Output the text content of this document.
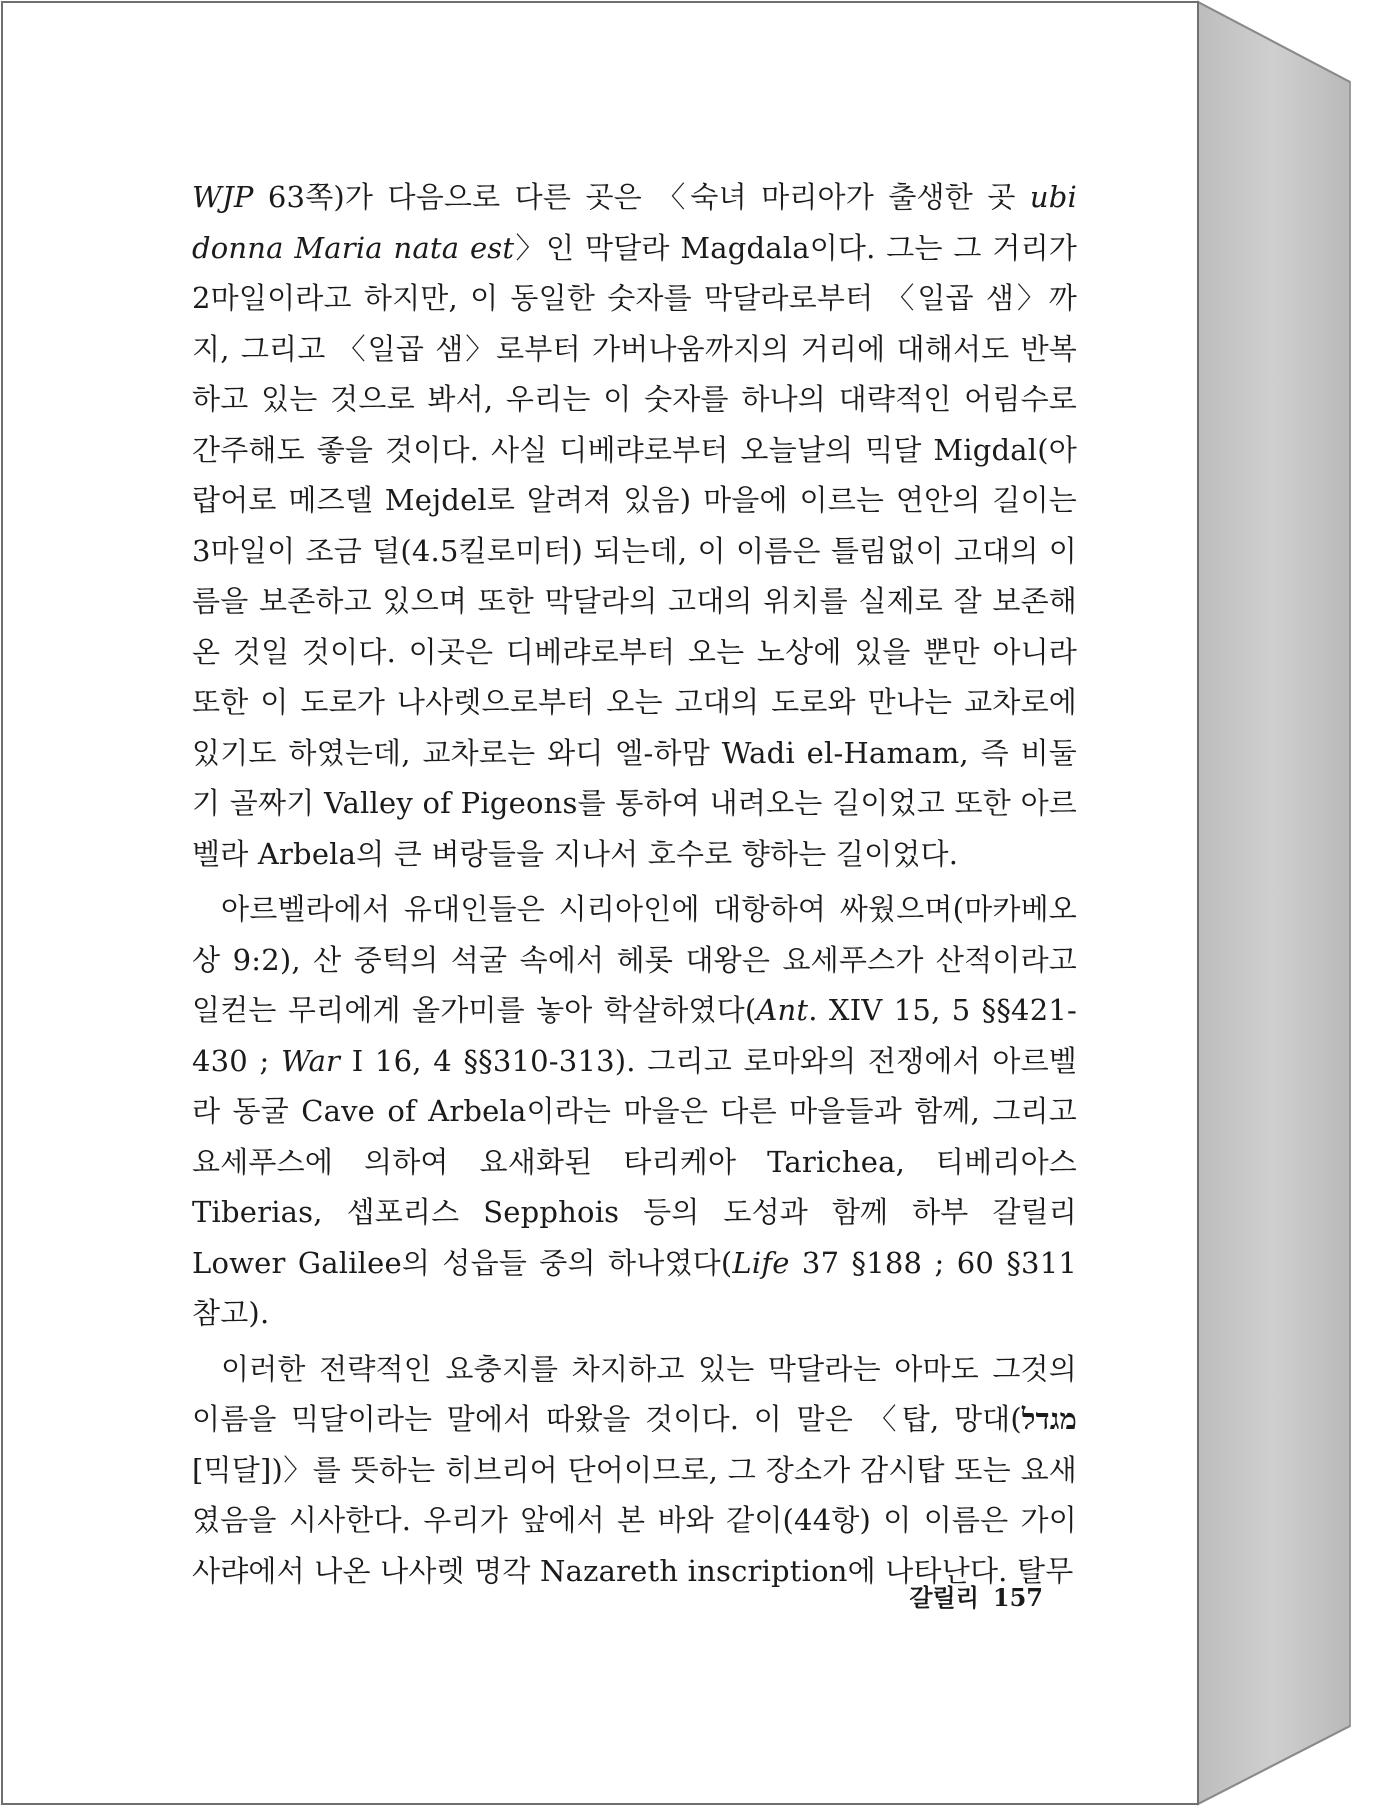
WJP 63쪽)가 다음으로 다른 곳은 〈숙녀 마리아가 출생한 곳 ubi donna Maria nata est〉인 막달라 Magdala이다. 그는 그 거리가 2마일이라고 하지만, 이 동일한 숫자를 막달라로부터 〈일곱 샘〉까지, 그리고 〈일곱 샘〉로부터 가버나움까지의 거리에 대해서도 반복하고 있는 것으로 봐서, 우리는 이 숫자를 하나의 대략적인 어림수로 간주해도 좋을 것이다. 사실 디베랴로부터 오늘날의 믹달 Migdal(아랍어로 메즈델 Mejdel로 알려져 있음) 마을에 이르는 연안의 길이는 3마일이 조금 덜(4.5킬로미터) 되는데, 이 이름은 틀림없이 고대의 이름을 보존하고 있으며 또한 막달라의 고대의 위치를 실제로 잘 보존해 온 것일 것이다. 이곳은 디베랴로부터 오는 노상에 있을 뿐만 아니라 또한 이 도로가 나사렛으로부터 오는 고대의 도로와 만나는 교차로에 있기도 하였는데, 교차로는 와디 엘-하맘 Wadi el-Hamam, 즉 비둘기 골짜기 Valley of Pigeons를 통하여 내려오는 길이었고 또한 아르벨라 Arbela의 큰 벼랑들을 지나서 호수로 향하는 길이었다.

아르벨라에서 유대인들은 시리아인에 대항하여 싸웠으며(마카베오상 9:2), 산 중턱의 석굴 속에서 헤롯 대왕은 요세푸스가 산적이라고 일컫는 무리에게 올가미를 놓아 학살하였다(Ant. XIV 15, 5 §§421-430 ; War I 16, 4 §§310-313). 그리고 로마와의 전쟁에서 아르벨라 동굴 Cave of Arbela이라는 마을은 다른 마을들과 함께, 그리고 요세푸스에 의하여 요새화된 타리케아 Tarichea, 티베리아스 Tiberias, 셉포리스 Sepphois 등의 도성과 함께 하부 갈릴리 Lower Galilee의 성읍들 중의 하나였다(Life 37 §188 ; 60 §311 참고).

이러한 전략적인 요충지를 차지하고 있는 막달라는 아마도 그것의 이름을 믹달이라는 말에서 따왔을 것이다. 이 말은 〈탑, 망대(מגדל [믹달])〉를 뜻하는 히브리어 단어이므로, 그 장소가 감시탑 또는 요새였음을 시사한다. 우리가 앞에서 본 바와 같이(44항) 이 이름은 가이사랴에서 나온 나사렛 명각 Nazareth inscription에 나타난다. 탈무

갈릴리 157
